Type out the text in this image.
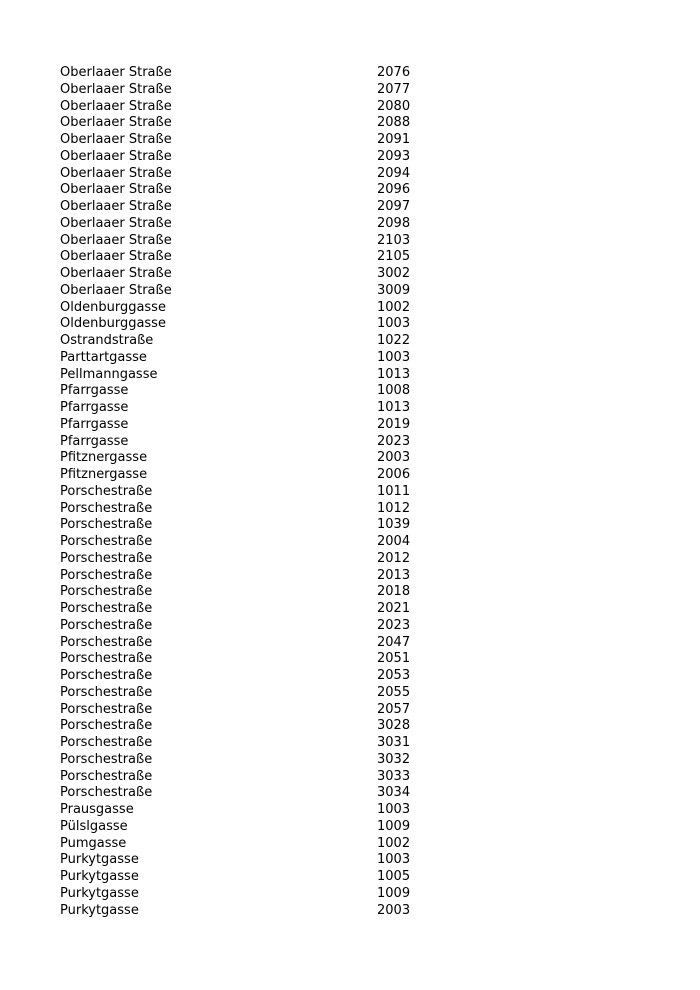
Oberlaaer Straße	2076
Oberlaaer Straße	2077
Oberlaaer Straße	2080
Oberlaaer Straße	2088
Oberlaaer Straße	2091
Oberlaaer Straße	2093
Oberlaaer Straße	2094
Oberlaaer Straße	2096
Oberlaaer Straße	2097
Oberlaaer Straße	2098
Oberlaaer Straße	2103
Oberlaaer Straße	2105
Oberlaaer Straße	3002
Oberlaaer Straße	3009
Oldenburggasse	1002
Oldenburggasse	1003
Ostrandstraße	1022
Parttartgasse	1003
Pellmanngasse	1013
Pfarrgasse	1008
Pfarrgasse	1013
Pfarrgasse	2019
Pfarrgasse	2023
Pfitznergasse	2003
Pfitznergasse	2006
Porschestraße	1011
Porschestraße	1012
Porschestraße	1039
Porschestraße	2004
Porschestraße	2012
Porschestraße	2013
Porschestraße	2018
Porschestraße	2021
Porschestraße	2023
Porschestraße	2047
Porschestraße	2051
Porschestraße	2053
Porschestraße	2055
Porschestraße	2057
Porschestraße	3028
Porschestraße	3031
Porschestraße	3032
Porschestraße	3033
Porschestraße	3034
Prausgasse	1003
Pülslgasse	1009
Pumgasse	1002
Purkytgasse	1003
Purkytgasse	1005
Purkytgasse	1009
Purkytgasse	2003
